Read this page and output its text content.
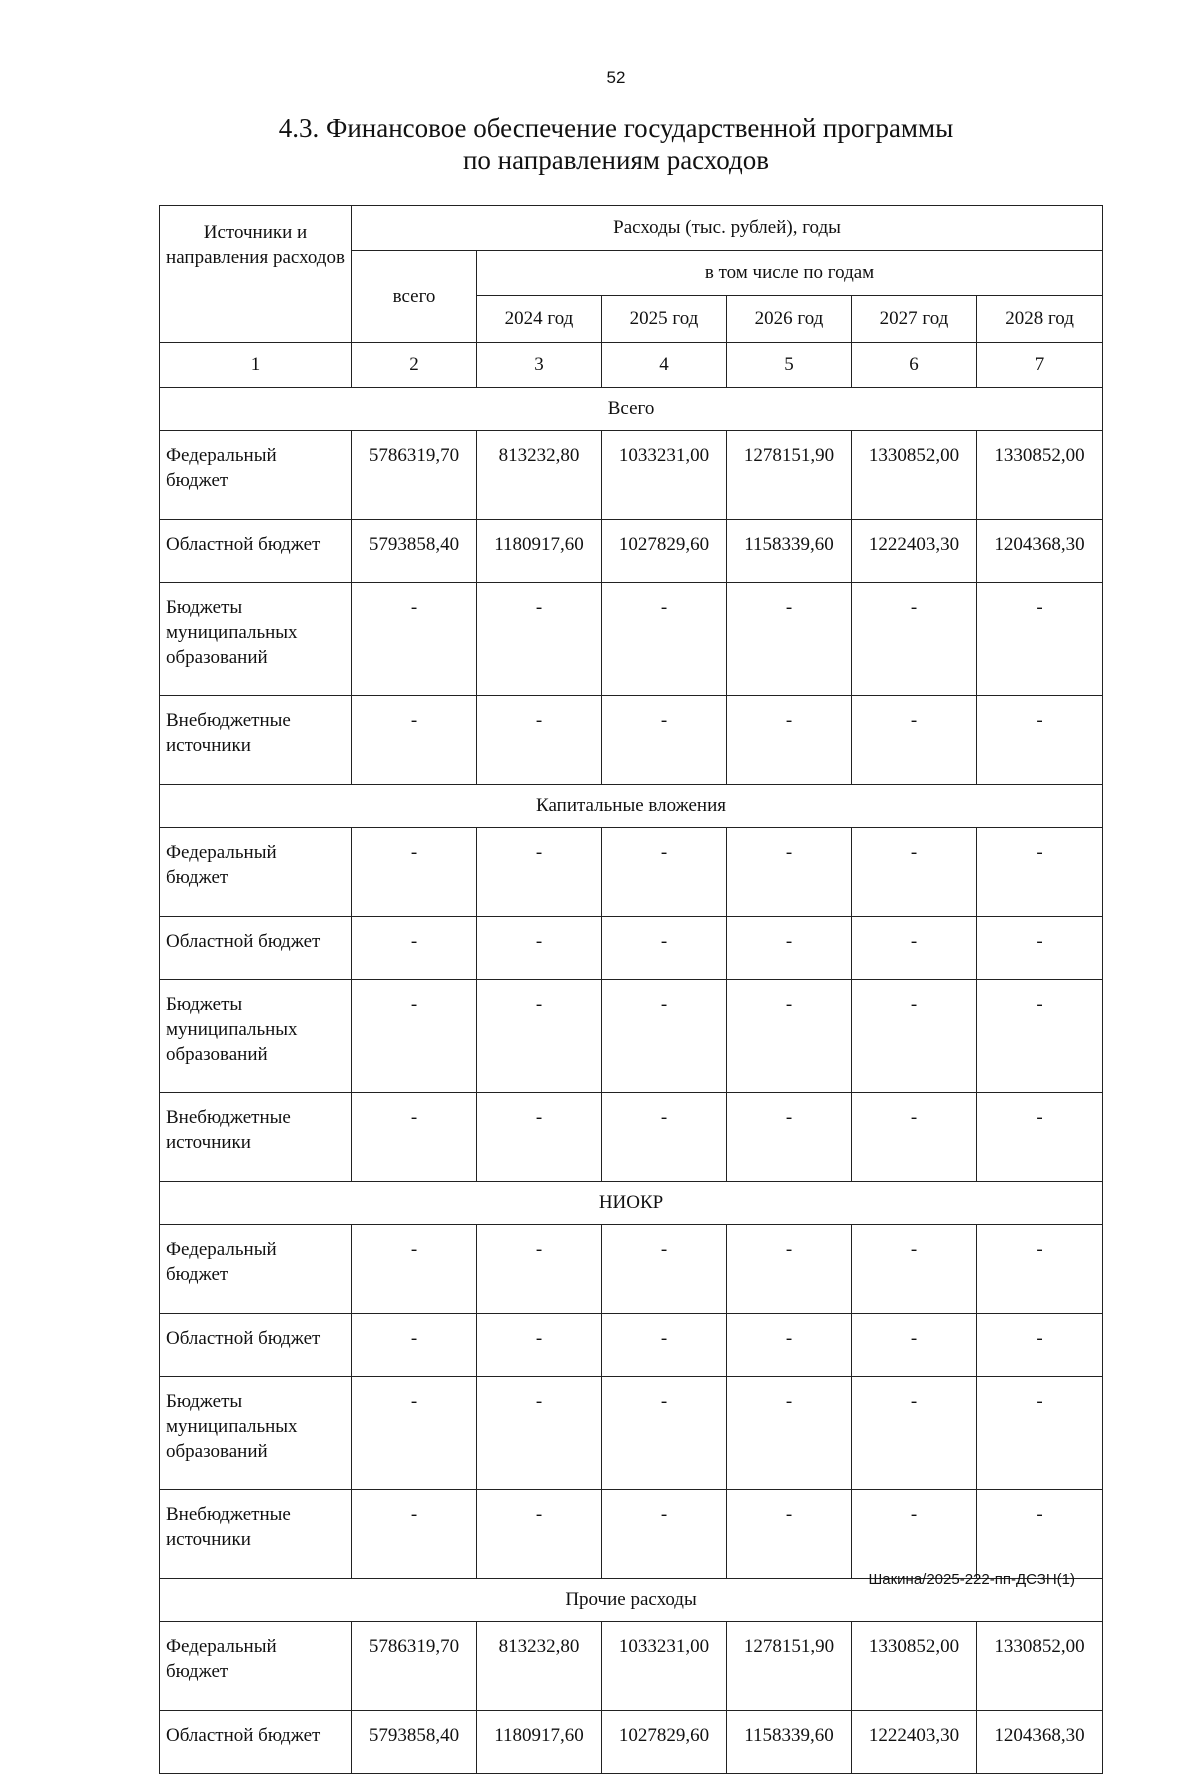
52
4.3. Финансовое обеспечение государственной программы
по направлениям расходов
Источники и направления расходов	Расходы (тыс. рублей), годы					
	всего	в том числе по годам				
		2024 год	2025 год	2026 год	2027 год	2028 год
1	2	3	4	5	6	7
Всего						
Федеральный
бюджет	5786319,70	813232,80	1033231,00	1278151,90	1330852,00	1330852,00
Областной бюджет	5793858,40	1180917,60	1027829,60	1158339,60	1222403,30	1204368,30
Бюджеты
муниципальных
образований	-	-	-	-	-	-
Внебюджетные
источники	-	-	-	-	-	-
Капитальные вложения						
Федеральный
бюджет	-	-	-	-	-	-
Областной бюджет	-	-	-	-	-	-
Бюджеты
муниципальных
образований	-	-	-	-	-	-
Внебюджетные
источники	-	-	-	-	-	-
НИОКР						
Федеральный
бюджет	-	-	-	-	-	-
Областной бюджет	-	-	-	-	-	-
Бюджеты
муниципальных
образований	-	-	-	-	-	-
Внебюджетные
источники	-	-	-	-	-	-
Прочие расходы						
Федеральный
бюджет	5786319,70	813232,80	1033231,00	1278151,90	1330852,00	1330852,00
Областной бюджет	5793858,40	1180917,60	1027829,60	1158339,60	1222403,30	1204368,30
Шакина/2025-222-пп-ДСЗН(1)
